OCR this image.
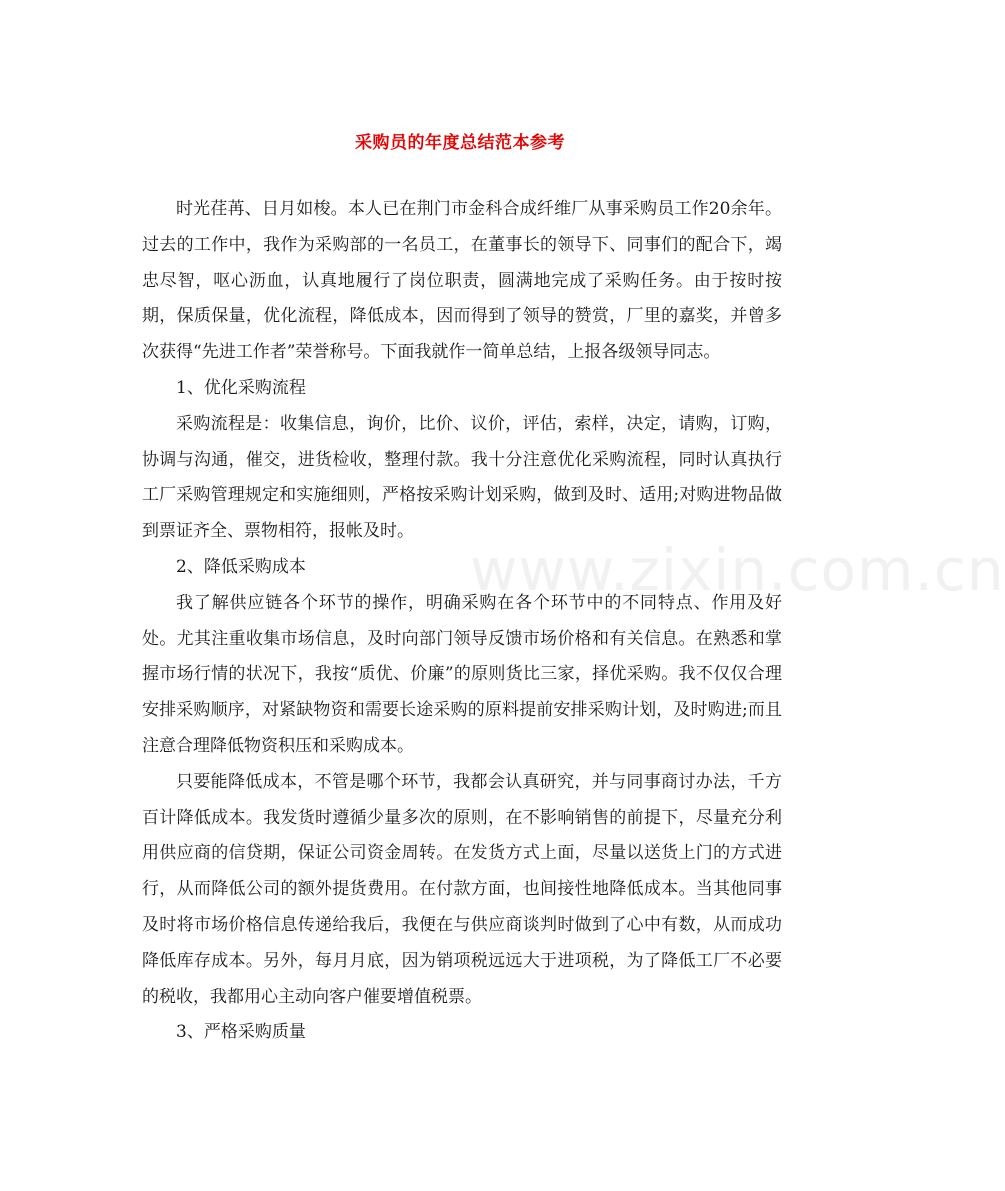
采购员的年度总结范本参考

时光荏苒、日月如梭。本人已在荆门市金科合成纤维厂从事采购员工作20余年。过去的工作中，我作为采购部的一名员工，在董事长的领导下、同事们的配合下，竭忠尽智，呕心沥血，认真地履行了岗位职责，圆满地完成了采购任务。由于按时按期，保质保量，优化流程，降低成本，因而得到了领导的赞赏，厂里的嘉奖，并曾多次获得“先进工作者”荣誉称号。下面我就作一简单总结，上报各级领导同志。

1、优化采购流程

采购流程是：收集信息，询价，比价、议价，评估，索样，决定，请购，订购，协调与沟通，催交，进货检收，整理付款。我十分注意优化采购流程，同时认真执行工厂采购管理规定和实施细则，严格按采购计划采购，做到及时、适用;对购进物品做到票证齐全、票物相符，报帐及时。

2、降低采购成本

我了解供应链各个环节的操作，明确采购在各个环节中的不同特点、作用及好处。尤其注重收集市场信息，及时向部门领导反馈市场价格和有关信息。在熟悉和掌握市场行情的状况下，我按“质优、价廉”的原则货比三家，择优采购。我不仅仅合理安排采购顺序，对紧缺物资和需要长途采购的原料提前安排采购计划，及时购进;而且注意合理降低物资积压和采购成本。

只要能降低成本，不管是哪个环节，我都会认真研究，并与同事商讨办法，千方百计降低成本。我发货时遵循少量多次的原则，在不影响销售的前提下，尽量充分利用供应商的信贷期，保证公司资金周转。在发货方式上面，尽量以送货上门的方式进行，从而降低公司的额外提货费用。在付款方面，也间接性地降低成本。当其他同事及时将市场价格信息传递给我后，我便在与供应商谈判时做到了心中有数，从而成功降低库存成本。另外，每月月底，因为销项税远远大于进项税，为了降低工厂不必要的税收，我都用心主动向客户催要增值税票。

3、严格采购质量

www.zixin.com.cn
